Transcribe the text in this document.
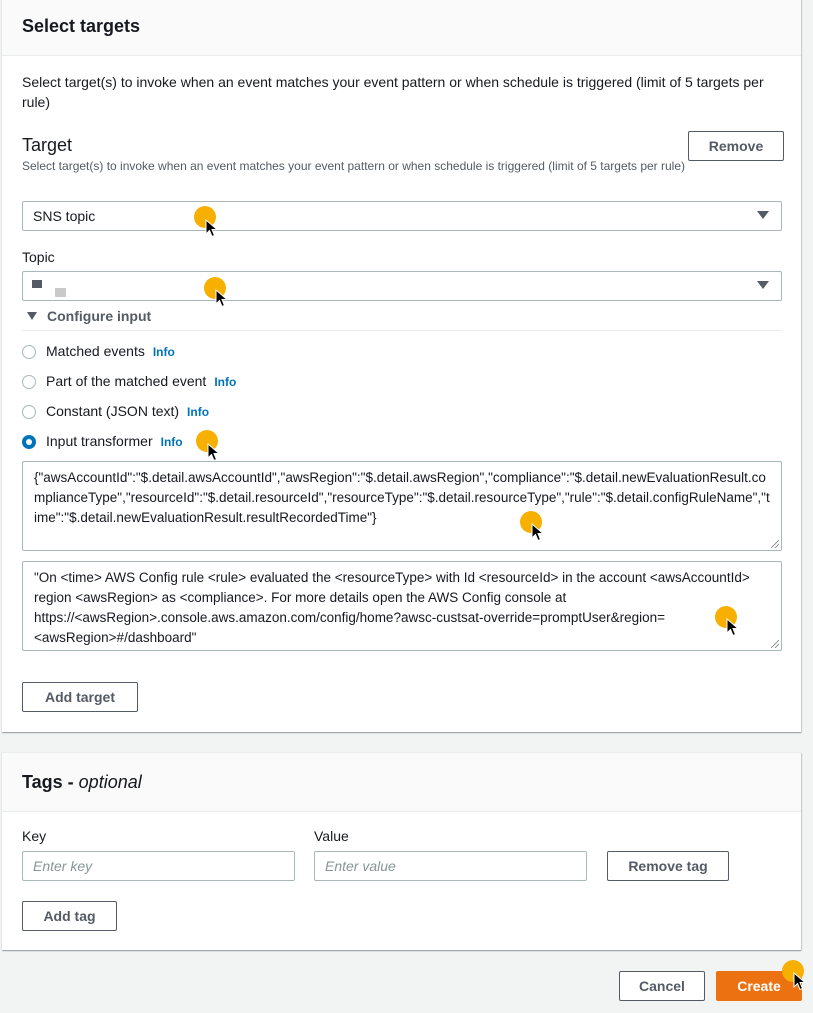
Select targets
Select target(s) to invoke when an event matches your event pattern or when schedule is triggered (limit of 5 targets per rule)
Target
Select target(s) to invoke when an event matches your event pattern or when schedule is triggered (limit of 5 targets per rule)
Remove
SNS topic
Topic
Configure input
Matched events Info
Part of the matched event Info
Constant (JSON text) Info
Input transformer Info
{"awsAccountId":"$.detail.awsAccountId","awsRegion":"$.detail.awsRegion","compliance":"$.detail.newEvaluationResult.complianceType","resourceId":"$.detail.resourceId","resourceType":"$.detail.resourceType","rule":"$.detail.configRuleName","time":"$.detail.newEvaluationResult.resultRecordedTime"}
"On <time> AWS Config rule <rule> evaluated the <resourceType> with Id <resourceId> in the account <awsAccountId> region <awsRegion> as <compliance>. For more details open the AWS Config console at https://<awsRegion>.console.aws.amazon.com/config/home?awsc-custsat-override=promptUser&region=<awsRegion>#/dashboard"
Add target
Tags - optional
Key	Value
Enter key	Enter value	Remove tag
Add tag
Cancel	Create
